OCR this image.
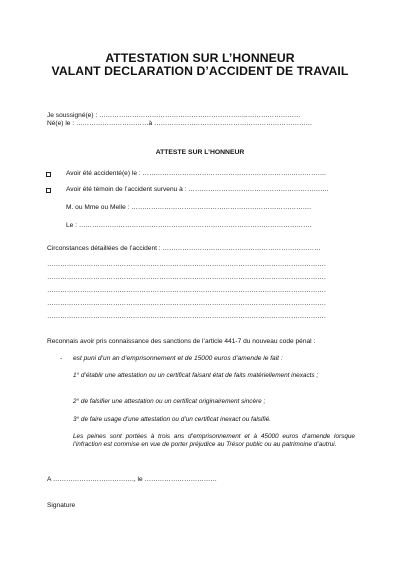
ATTESTATION SUR L’HONNEUR
VALANT DECLARATION D’ACCIDENT DE TRAVAIL
Je soussigné(e) : …………………………………………………………..……………………
Né(e) le : ……………………………à ………………………………………………………………
ATTESTE SUR L’HONNEUR
Avoir été accidenté(e) le : …………………………………………………………..…………….
Avoir été témoin de l’accident survenu à : ……………………………………………………….
M. ou Mme ou Melle : ……………………………………………………………………….
Le : …………………………………………………………………………………………….
Circonstances détaillées de l’accident : ………………………………………………………………
……………………………………………………………………………………………………………….
……………………………………………………………………………………………………………….
……………………………………………………………………………………………………………….
……………………………………………………………………………………………………………….
……………………………………………………………………………………………………………….
Reconnais avoir pris connaissance des sanctions de l’article 441-7 du nouveau code pénal :
- est puni d’un an d’emprisonnement et de 15000 euros d’amende le fait :
1° d’établir une attestation ou un certificat faisant état de faits matériellement inexacts ;
2° de falsifier une attestation ou un certificat originairement sincère ;
3° de faire usage d’une attestation ou d’un certificat inexact ou falsifié.
Les peines sont portées à trois ans d’emprisonnement et à 45000 euros d’amende lorsque l’infraction est commise en vue de porter préjudice au Trésor public ou au patrimoine d’autrui.
A ………………………………., le ……………………………
Signature
